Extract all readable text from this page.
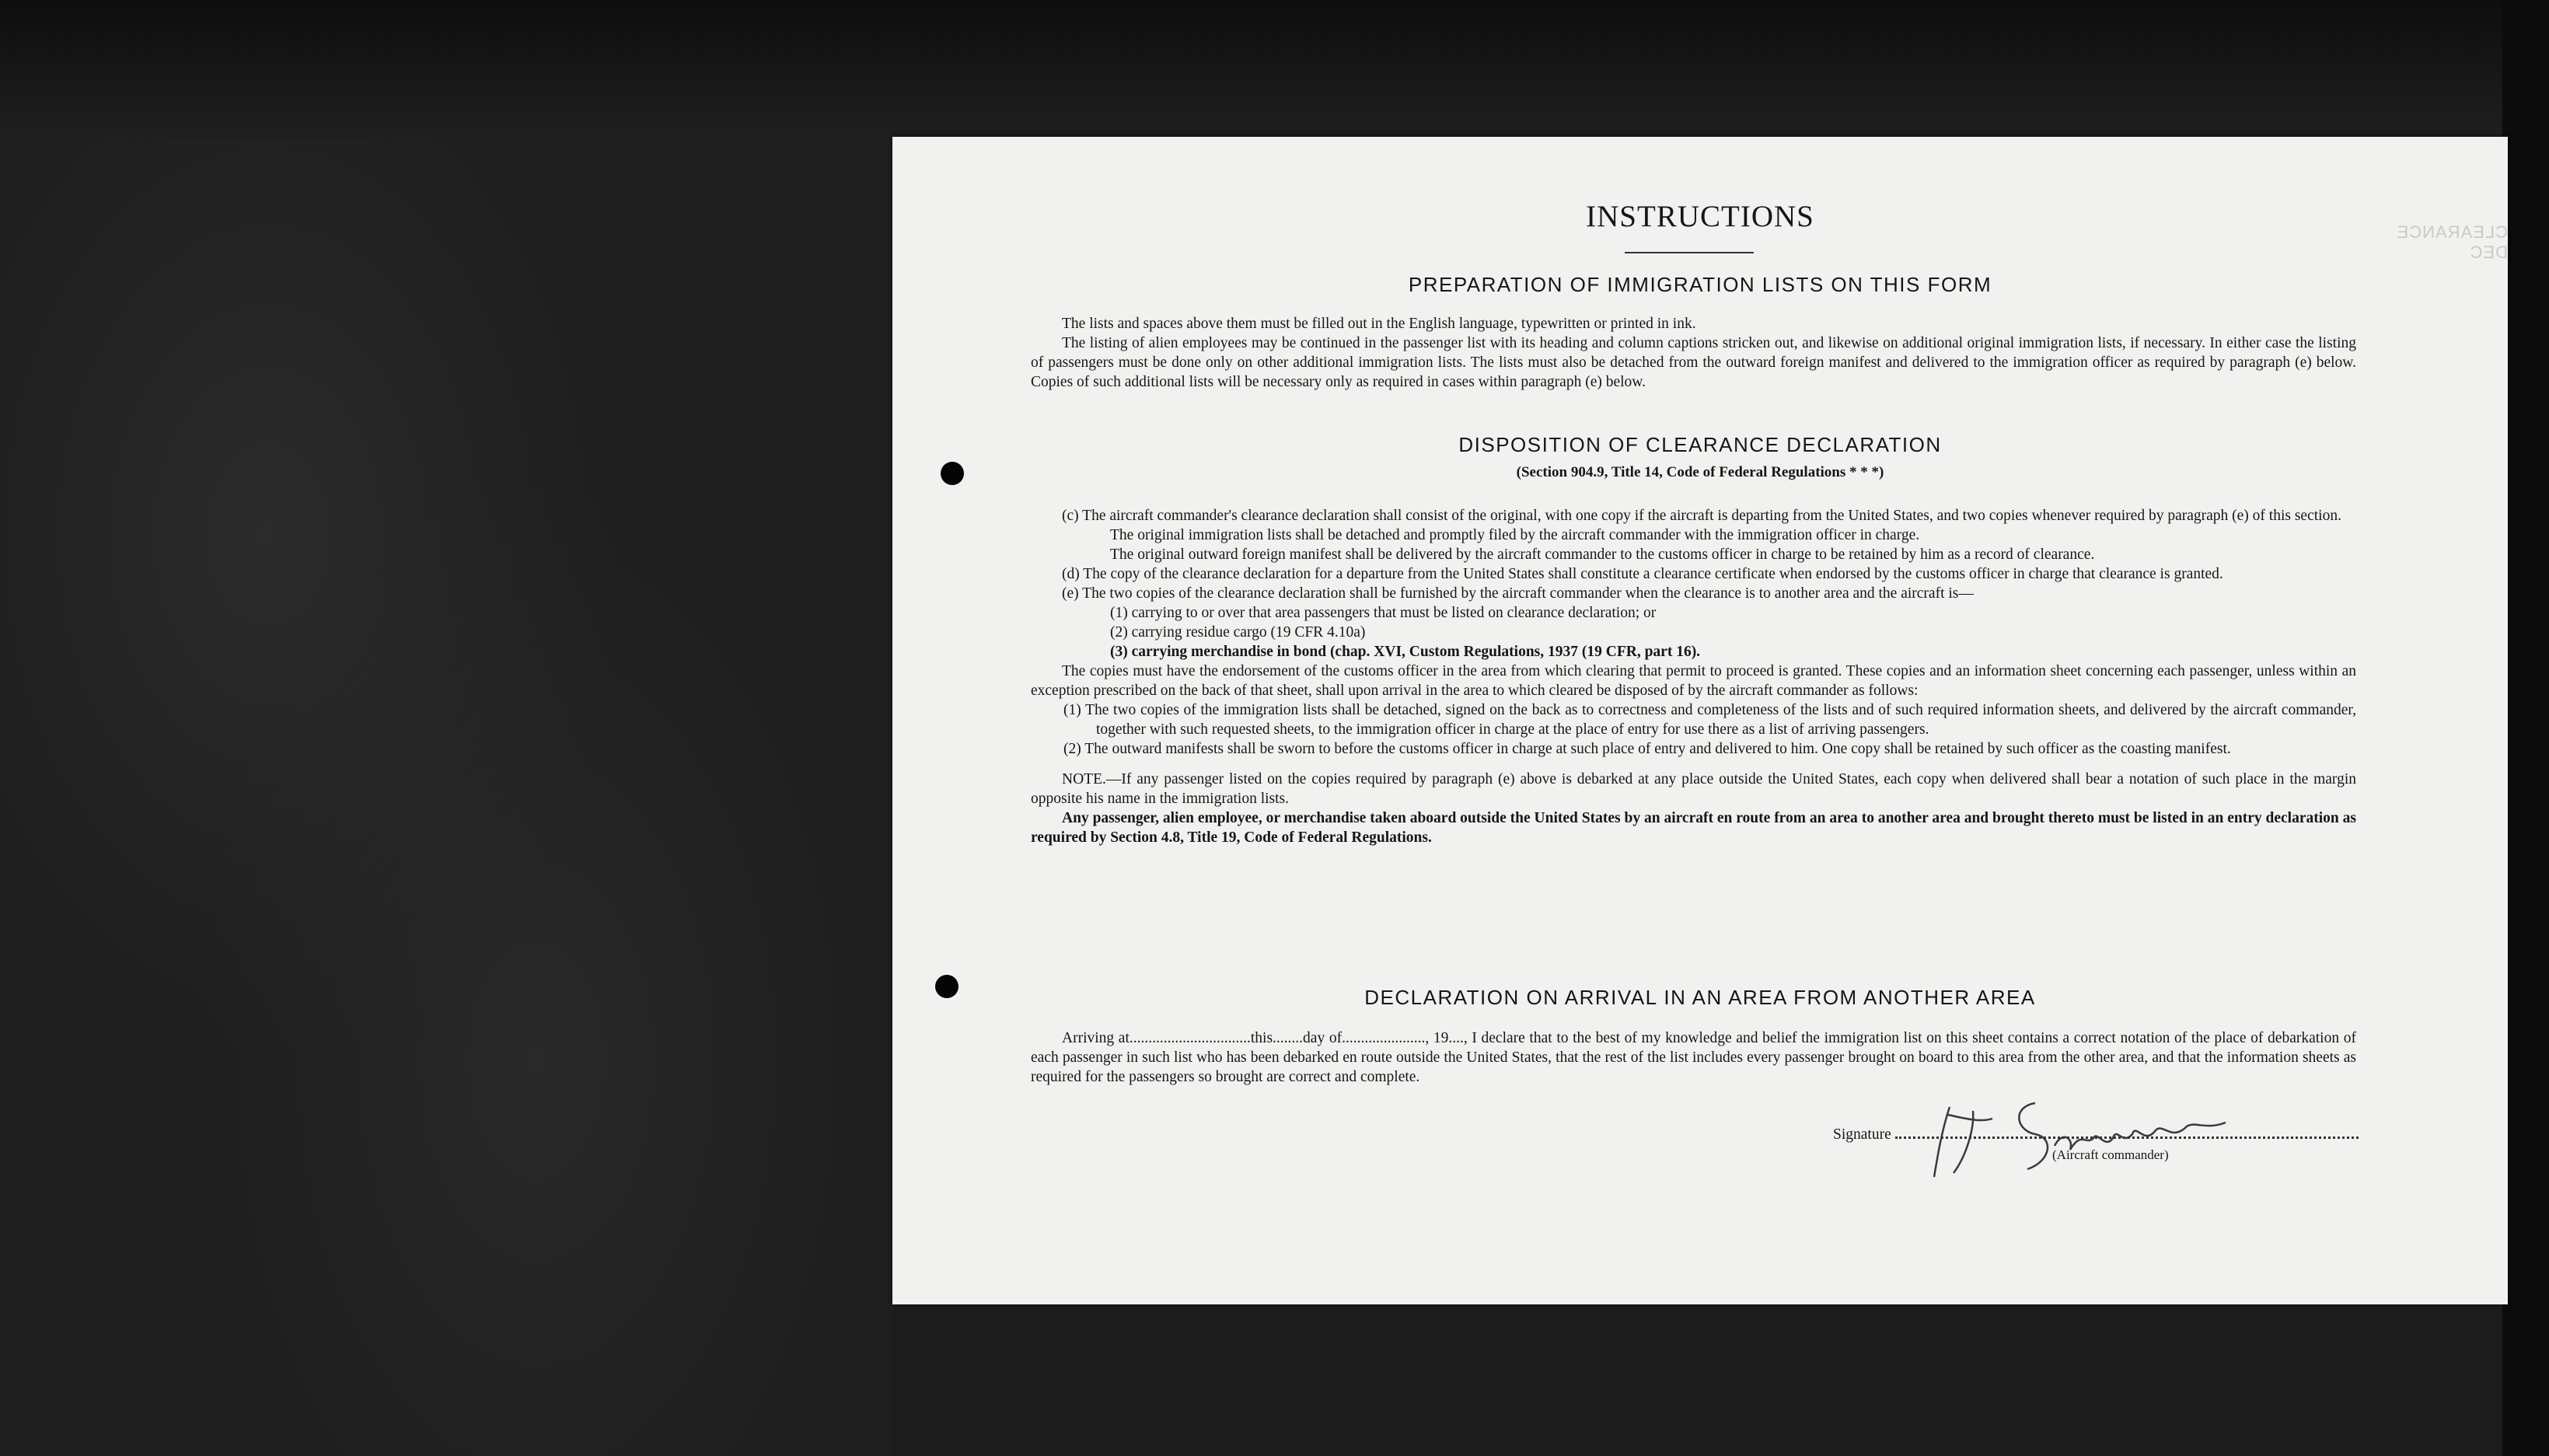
CLEARANCE DEC
INSTRUCTIONS
PREPARATION OF IMMIGRATION LISTS ON THIS FORM

The lists and spaces above them must be filled out in the English language, typewritten or printed in ink.

The listing of alien employees may be continued in the passenger list with its heading and column captions stricken out, and likewise on additional original immigration lists, if necessary. In either case the listing of passengers must be done only on other additional immigration lists. The lists must also be detached from the outward foreign manifest and delivered to the immigration officer as required by paragraph (e) below. Copies of such additional lists will be necessary only as required in cases within paragraph (e) below.

DISPOSITION OF CLEARANCE DECLARATION
(Section 904.9, Title 14, Code of Federal Regulations * * *)

(c) The aircraft commander's clearance declaration shall consist of the original, with one copy if the aircraft is departing from the United States, and two copies whenever required by paragraph (e) of this section.

The original immigration lists shall be detached and promptly filed by the aircraft commander with the immigration officer in charge.

The original outward foreign manifest shall be delivered by the aircraft commander to the customs officer in charge to be retained by him as a record of clearance.

(d) The copy of the clearance declaration for a departure from the United States shall constitute a clearance certificate when endorsed by the customs officer in charge that clearance is granted.

(e) The two copies of the clearance declaration shall be furnished by the aircraft commander when the clearance is to another area and the aircraft is—

(1) carrying to or over that area passengers that must be listed on clearance declaration; or

(2) carrying residue cargo (19 CFR 4.10a)

(3) carrying merchandise in bond (chap. XVI, Custom Regulations, 1937 (19 CFR, part 16).

The copies must have the endorsement of the customs officer in the area from which clearing that permit to proceed is granted. These copies and an information sheet concerning each passenger, unless within an exception prescribed on the back of that sheet, shall upon arrival in the area to which cleared be disposed of by the aircraft commander as follows:

(1) The two copies of the immigration lists shall be detached, signed on the back as to correctness and completeness of the lists and of such required information sheets, and delivered by the aircraft commander, together with such requested sheets, to the immigration officer in charge at the place of entry for use there as a list of arriving passengers.

(2) The outward manifests shall be sworn to before the customs officer in charge at such place of entry and delivered to him. One copy shall be retained by such officer as the coasting manifest.

NOTE.—If any passenger listed on the copies required by paragraph (e) above is debarked at any place outside the United States, each copy when delivered shall bear a notation of such place in the margin opposite his name in the immigration lists.

Any passenger, alien employee, or merchandise taken aboard outside the United States by an aircraft en route from an area to another area and brought thereto must be listed in an entry declaration as required by Section 4.8, Title 19, Code of Federal Regulations.

DECLARATION ON ARRIVAL IN AN AREA FROM ANOTHER AREA

Arriving at................................this........day of......................, 19...., I declare that to the best of my knowledge and belief the immigration list on this sheet contains a correct notation of the place of debarkation of each passenger in such list who has been debarked en route outside the United States, that the rest of the list includes every passenger brought on board to this area from the other area, and that the information sheets as required for the passengers so brought are correct and complete.

Signature
(Aircraft commander)
